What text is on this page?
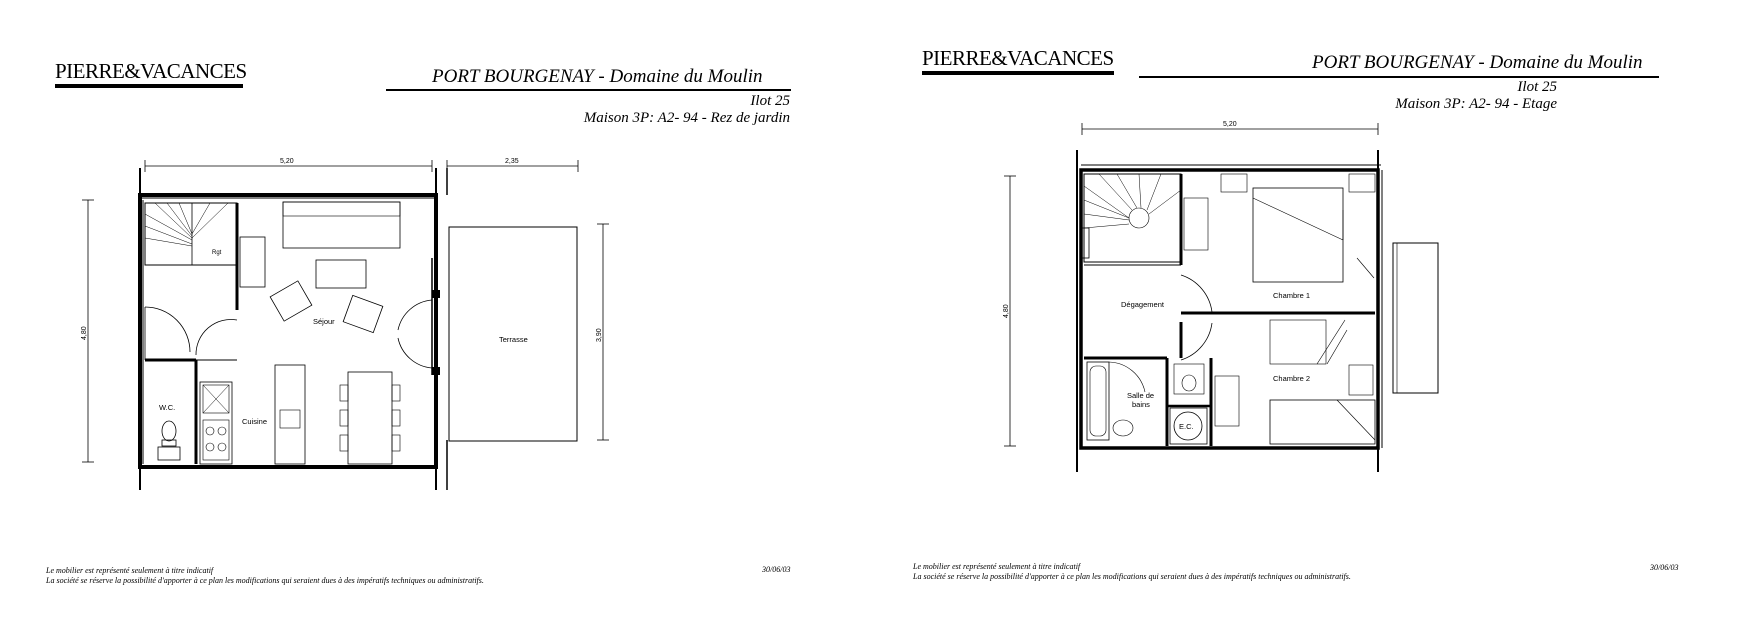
PIERRE&VACANCES	PORT BOURGENAY - Domaine du Moulin
Ilot 25
Maison 3P: A2- 94 - Rez de jardin
Séjour
Terrasse
Cuisine
W.C.
Rgt
5,20	2,35
4,80	3,90
Le mobilier est représenté seulement à titre indicatif
La société se réserve la possibilité d'apporter à ce plan les modifications qui seraient dues à des impératifs techniques ou administratifs.
30/06/03
PIERRE&VACANCES	PORT BOURGENAY - Domaine du Moulin
Ilot 25
Maison 3P: A2- 94 - Etage
Dégagement
Chambre 1
Chambre 2
Salle de
bains
E.C.
5,20
4,80
Le mobilier est représenté seulement à titre indicatif
La société se réserve la possibilité d'apporter à ce plan les modifications qui seraient dues à des impératifs techniques ou administratifs.
30/06/03
